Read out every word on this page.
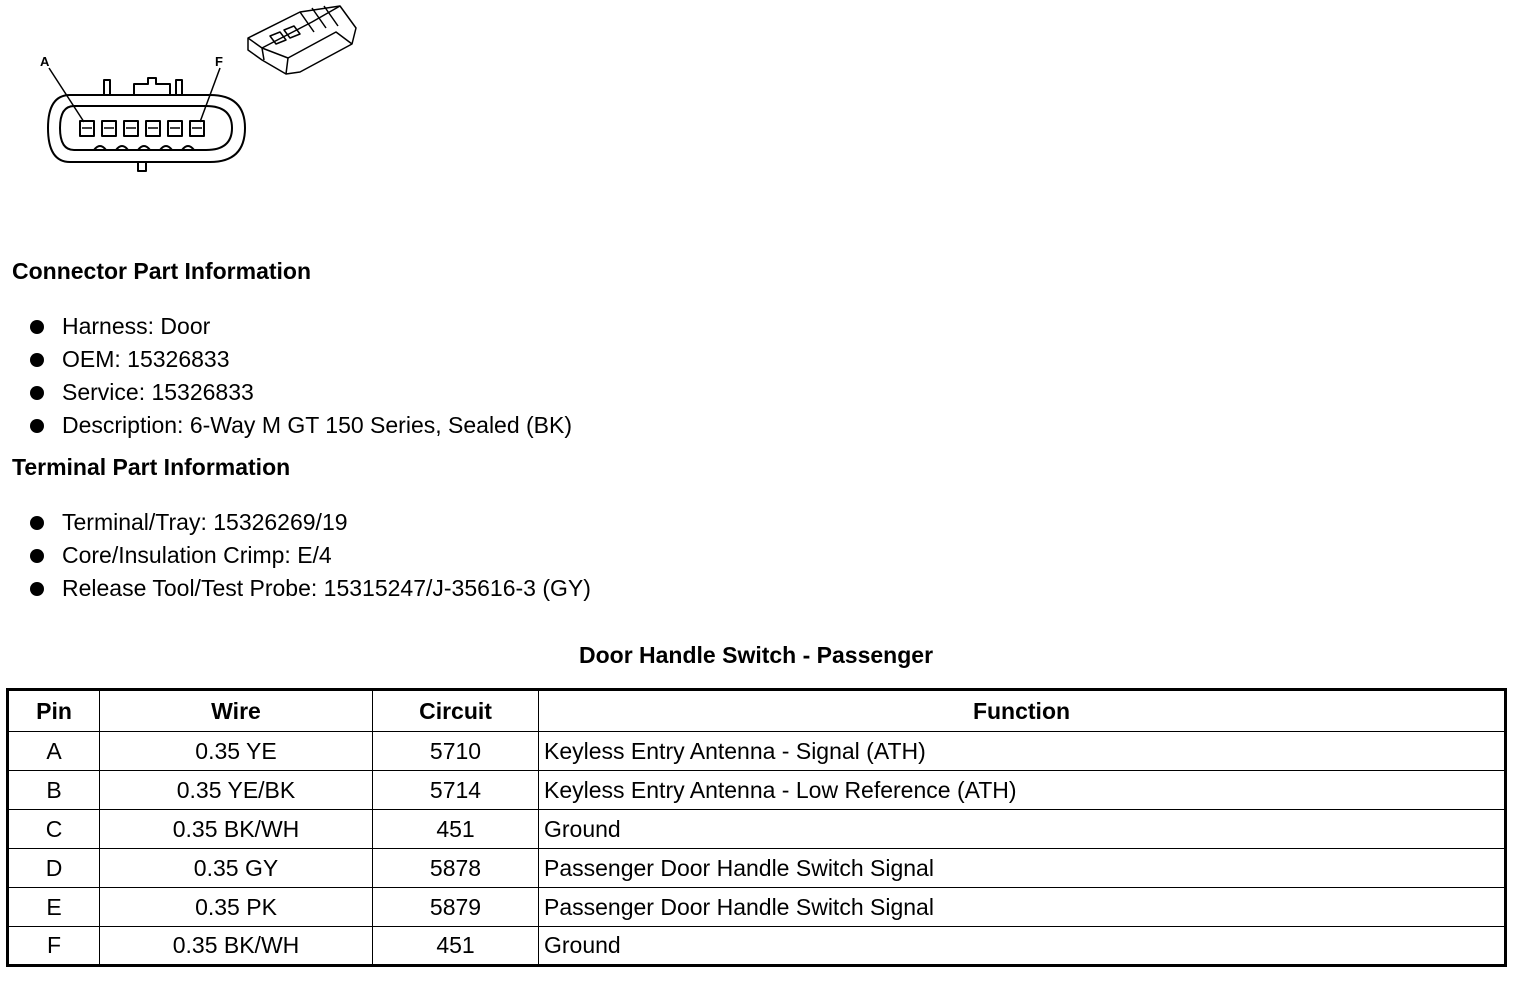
A	F
Connector Part Information
Harness: Door
OEM: 15326833
Service: 15326833
Description: 6-Way M GT 150 Series, Sealed (BK)
Terminal Part Information
Terminal/Tray: 15326269/19
Core/Insulation Crimp: E/4
Release Tool/Test Probe: 15315247/J-35616-3 (GY)
Door Handle Switch - Passenger
Pin	Wire	Circuit	Function
A	0.35 YE	5710	Keyless Entry Antenna - Signal (ATH)
B	0.35 YE/BK	5714	Keyless Entry Antenna - Low Reference (ATH)
C	0.35 BK/WH	451	Ground
D	0.35 GY	5878	Passenger Door Handle Switch Signal
E	0.35 PK	5879	Passenger Door Handle Switch Signal
F	0.35 BK/WH	451	Ground
